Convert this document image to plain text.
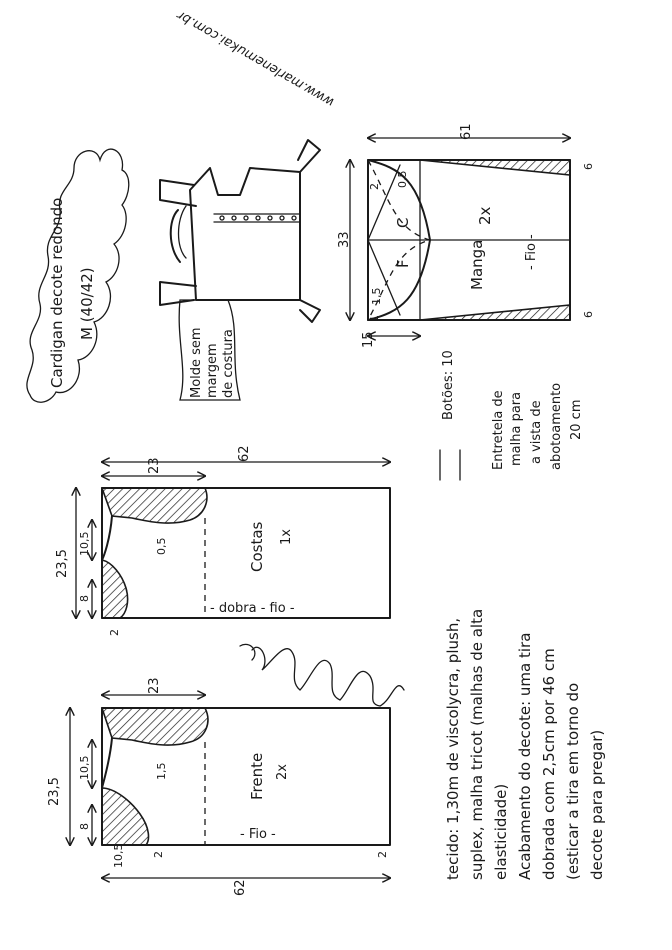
Cardigan decote redondo M (40/42)
www.marlenemukai.com.br
Molde sem margem de costura
Manga
2x
- Fio -
C
F
2 0,5
1,5
1
61
33
6
6
15
Botões: 10
Entretela de malha para a vista de abotoamento 20 cm
Costas 1x
- dobra - fio -
0,5
62
23
23,5
10,5
8
2
Frente 2x
- Fio -
1,5
23
23,5
10,5
8
10,5 2	2
62
tecido: 1,30m de viscolycra, plush, suplex, malha tricot (malhas de alta elasticidade) Acabamento do decote: uma tira dobrada com 2,5cm por 46 cm (esticar a tira em torno do decote para pregar)
